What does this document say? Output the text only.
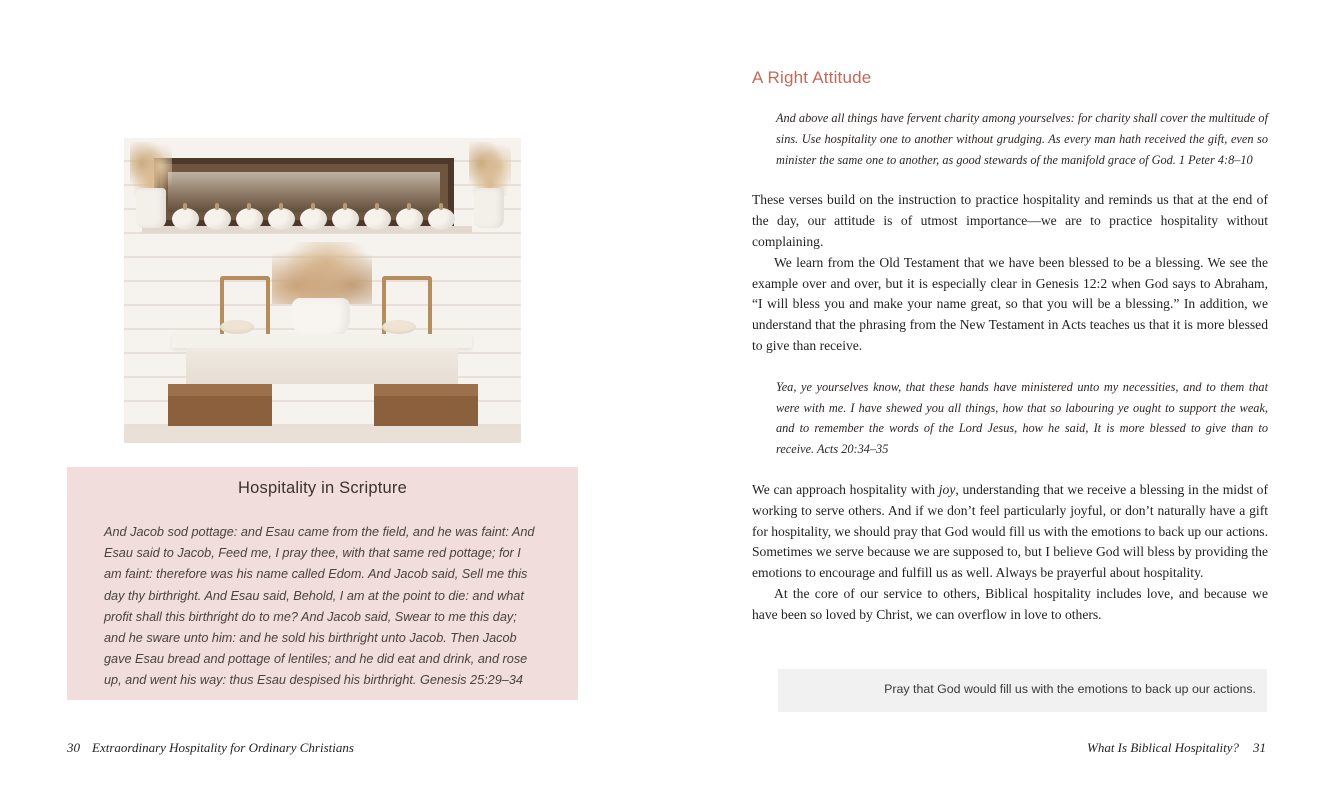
Hospitality in Scripture
And Jacob sod pottage: and Esau came from the field, and he was faint: And Esau said to Jacob, Feed me, I pray thee, with that same red pottage; for I am faint: therefore was his name called Edom. And Jacob said, Sell me this day thy birthright. And Esau said, Behold, I am at the point to die: and what profit shall this birthright do to me? And Jacob said, Swear to me this day; and he sware unto him: and he sold his birthright unto Jacob. Then Jacob gave Esau bread and pottage of lentiles; and he did eat and drink, and rose up, and went his way: thus Esau despised his birthright. Genesis 25:29–34
30 Extraordinary Hospitality for Ordinary Christians
A Right Attitude
And above all things have fervent charity among yourselves: for charity shall cover the multitude of sins. Use hospitality one to another without grudging. As every man hath received the gift, even so minister the same one to another, as good stewards of the manifold grace of God. 1 Peter 4:8–10

These verses build on the instruction to practice hospitality and reminds us that at the end of the day, our attitude is of utmost importance—we are to practice hospitality without complaining.

We learn from the Old Testament that we have been blessed to be a blessing. We see the example over and over, but it is especially clear in Genesis 12:2 when God says to Abraham, “I will bless you and make your name great, so that you will be a blessing.” In addition, we understand that the phrasing from the New Testament in Acts teaches us that it is more blessed to give than receive.

Yea, ye yourselves know, that these hands have ministered unto my necessities, and to them that were with me. I have shewed you all things, how that so labouring ye ought to support the weak, and to remember the words of the Lord Jesus, how he said, It is more blessed to give than to receive. Acts 20:34–35

We can approach hospitality with joy, understanding that we receive a blessing in the midst of working to serve others. And if we don’t feel particularly joyful, or don’t naturally have a gift for hospitality, we should pray that God would fill us with the emotions to back up our actions. Sometimes we serve because we are supposed to, but I believe God will bless by providing the emotions to encourage and fulfill us as well. Always be prayerful about hospitality.

At the core of our service to others, Biblical hospitality includes love, and because we have been so loved by Christ, we can overflow in love to others.

Pray that God would fill us with the emotions to back up our actions.
What Is Biblical Hospitality? 31
